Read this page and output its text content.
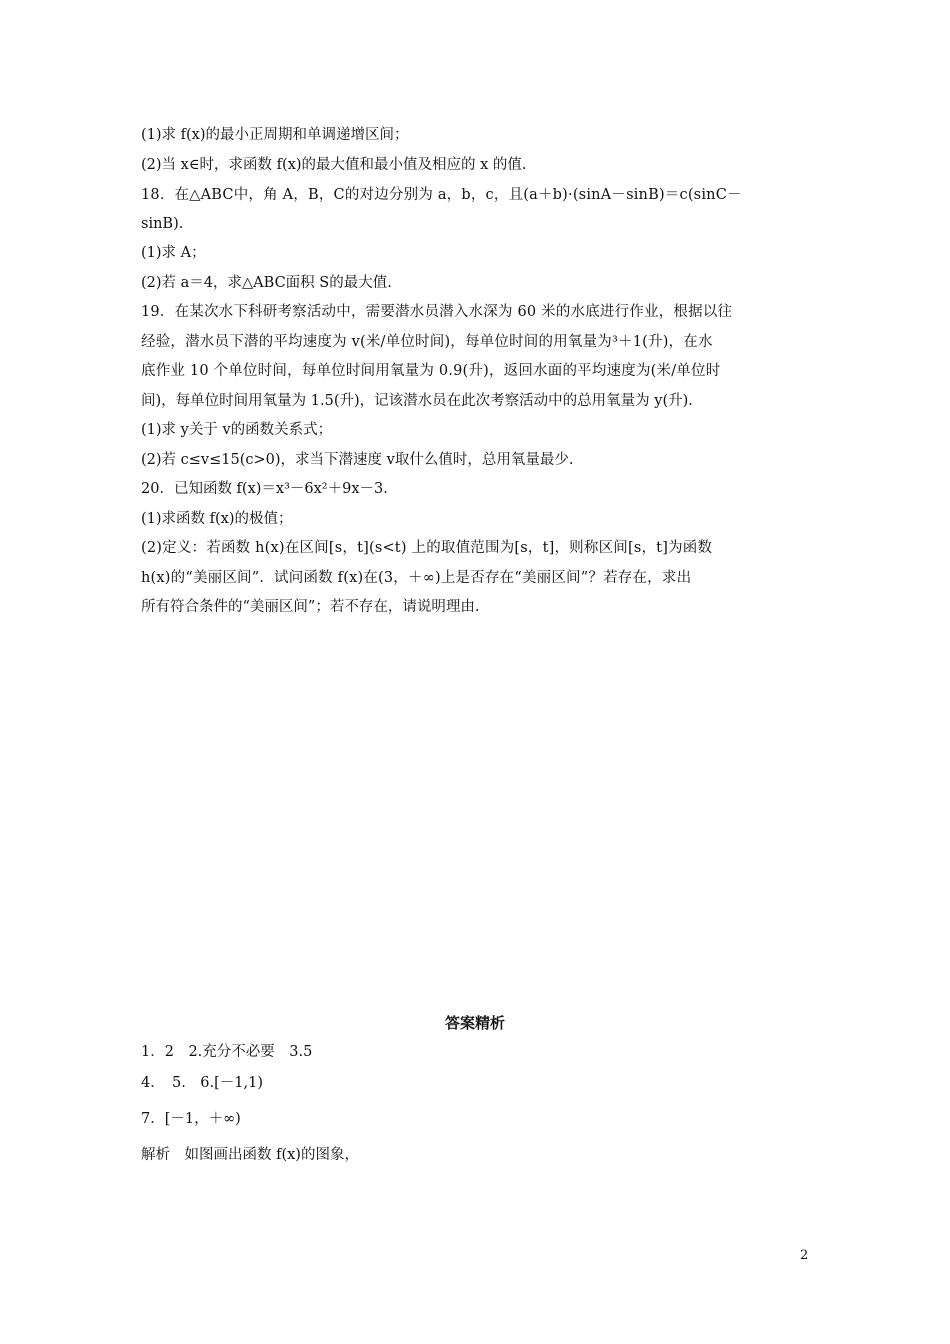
(1)求 f(x)的最小正周期和单调递增区间；
(2)当 x∈时，求函数 f(x)的最大值和最小值及相应的 x 的值.
18．在△ABC中，角 A，B，C的对边分别为 a，b，c，且(a＋b)·(sinA－sinB)＝c(sinC－
sinB).
(1)求 A；
(2)若 a＝4，求△ABC面积 S的最大值.
19．在某次水下科研考察活动中，需要潜水员潜入水深为 60 米的水底进行作业，根据以往
经验，潜水员下潜的平均速度为 v(米/单位时间)，每单位时间的用氧量为³＋1(升)，在水
底作业 10 个单位时间，每单位时间用氧量为 0.9(升)，返回水面的平均速度为(米/单位时
间)，每单位时间用氧量为 1.5(升)，记该潜水员在此次考察活动中的总用氧量为 y(升).
(1)求 y关于 v的函数关系式；
(2)若 c≤v≤15(c>0)，求当下潜速度 v取什么值时，总用氧量最少.
20．已知函数 f(x)＝x³－6x²＋9x－3.
(1)求函数 f(x)的极值；
(2)定义：若函数 h(x)在区间[s，t](s<t) 上的取值范围为[s，t]，则称区间[s，t]为函数
h(x)的“美丽区间”．试问函数 f(x)在(3，＋∞)上是否存在“美丽区间”？若存在，求出
所有符合条件的“美丽区间”；若不存在，请说明理由.
答案精析
1．2　2.充分不必要　3.5
4．　5.　6.[－1,1)
7．[－1，＋∞)
解析　如图画出函数 f(x)的图象，
2
